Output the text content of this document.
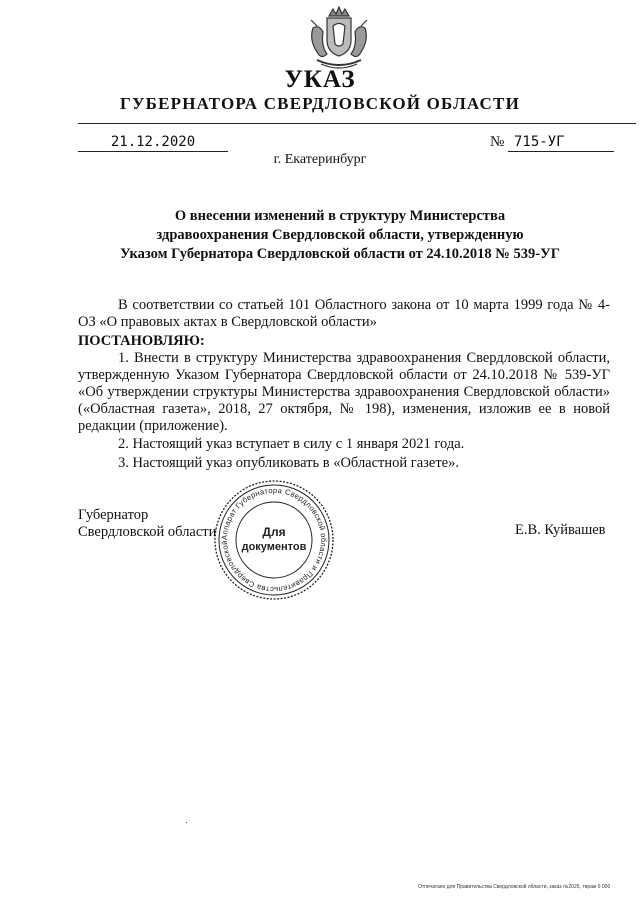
УКАЗ
ГУБЕРНАТОРА СВЕРДЛОВСКОЙ ОБЛАСТИ
21.12.2020	№ 715-УГ
г. Екатеринбург
О внесении изменений в структуру Министерства
здравоохранения Свердловской области, утвержденную
Указом Губернатора Свердловской области от 24.10.2018 № 539-УГ

В соответствии со статьей 101 Областного закона от 10 марта 1999 года № 4-ОЗ «О правовых актах в Свердловской области»

ПОСТАНОВЛЯЮ:

1. Внести в структуру Министерства здравоохранения Свердловской области, утвержденную Указом Губернатора Свердловской области от 24.10.2018 № 539-УГ «Об утверждении структуры Министерства здравоохранения Свердловской области» («Областная газета», 2018, 27 октября, № 198), изменения, изложив ее в новой редакции (приложение).

2. Настоящий указ вступает в силу с 1 января 2021 года.

3. Настоящий указ опубликовать в «Областной газете».

Губернатор
Свердловской области	Е.В. Куйвашев
Аппарат Губернатора Свердловской области и Правительства Свердловской
Для
документов
Отпечатано для Правительства Свердловской области, заказ №2026, тираж 6 000
